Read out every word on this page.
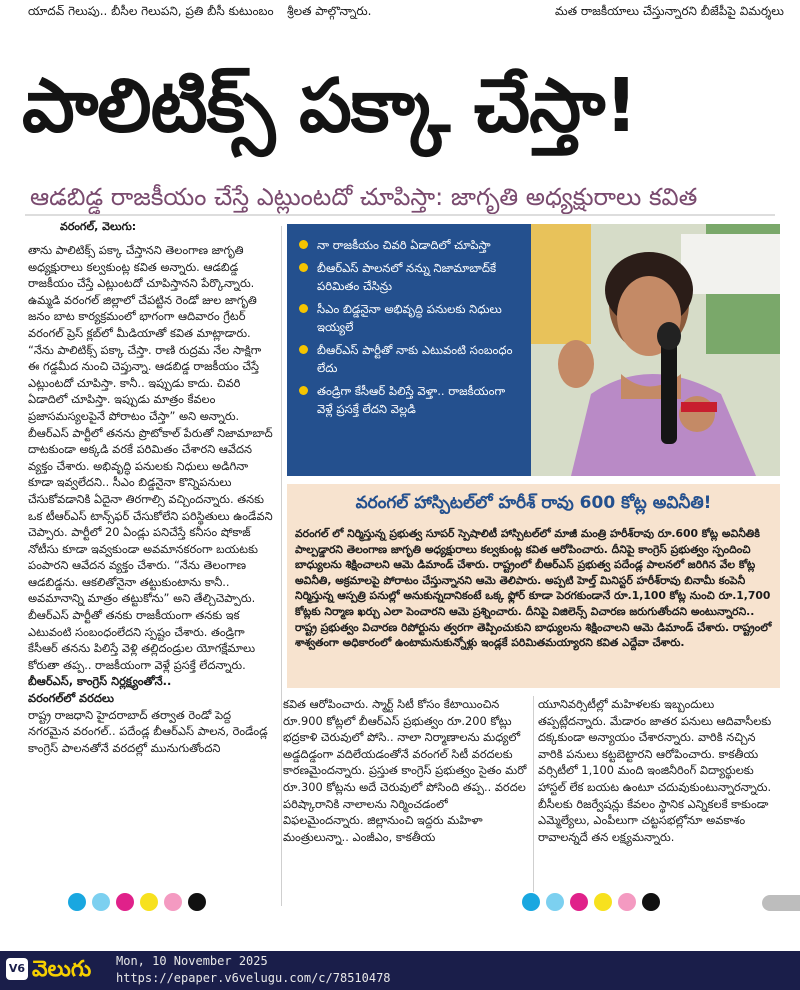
యాదవ్ గెలుపు.. బీసీల గెలుపని, ప్రతి బీసీ కుటుంబం శ్రీలత పాల్గొన్నారు.	మత రాజకీయాలు చేస్తున్నారని బీజేపీపై విమర్శలు
పాలిటిక్స్ పక్కా చేస్తా!
ఆడబిడ్డ రాజకీయం చేస్తే ఎట్లుంటదో చూపిస్తా: జాగృతి అధ్యక్షురాలు కవిత
వరంగల్, వెలుగు:

తాను పాలిటిక్స్ పక్కా చేస్తానని తెలంగాణ జాగృతి అధ్యక్షురాలు కల్వకుంట్ల కవిత అన్నారు. ఆడబిడ్డ రాజకీయం చేస్తే ఎట్లుంటదో చూపిస్తానని పేర్కొన్నారు. ఉమ్మడి వరంగల్ జిల్లాలో చేపట్టిన రెండో జుల జాగృతి జనం బాట కార్యక్రమంలో భాగంగా ఆదివారం గ్రేటర్ వరంగల్ ప్రెస్ క్లబ్‌లో మీడియాతో కవిత మాట్లాడారు. “నేను పాలిటిక్స్ పక్కా చేస్తా. రాణి రుద్రమ నేల సాక్షిగా ఈ గడ్డమీద నుంచి చెప్తున్నా. ఆడబిడ్డ రాజకీయం చేస్తే ఎట్లుంటదో చూపిస్తా. కానీ.. ఇప్పుడు కాదు. చివరి ఏడాదిలో చూపిస్తా. ఇప్పుడు మాత్రం కేవలం ప్రజాసమస్యలపైనే పోరాటం చేస్తా” అని అన్నారు. బీఆర్ఎస్ పార్టీలో తనను ప్రొటోకాల్ పేరుతో నిజామాబాద్ దాటకుండా అక్కడి వరకే పరిమితం చేశారని ఆవేదన వ్యక్తం చేశారు. అభివృద్ధి పనులకు నిధులు అడిగినా కూడా ఇవ్వలేదని.. సీఎం బిడ్డనైనా కొన్నిపనులు చేసుకోవడానికి ఏదైనా తిరగాల్సి వచ్చిందన్నారు. తనకు ఒక టీఆర్ఎస్ టాన్స్‌ఫర్ చేసుకోలేని పరిస్థితులు ఉండేవని చెప్పారు. పార్టీలో 20 ఏండ్లు పనిచేస్తే కనీసం షోకాజ్ నోటీసు కూడా ఇవ్వకుండా అవమానకరంగా బయటకు పంపారని ఆవేదన వ్యక్తం చేశారు. “నేను తెలంగాణ ఆడబిడ్డను. ఆకలితోనైనా తట్టుకుంటాను కానీ.. అవమానాన్ని మాత్రం తట్టుకోను” అని తేల్చిచెప్పారు. బీఆర్ఎస్ పార్టీతో తనకు రాజకీయంగా తనకు ఇక ఎటువంటి సంబంధంలేదని స్పష్టం చేశారు. తండ్రిగా కేసీఆర్ తనను పిలిస్తే వెళ్లి తల్లిదండ్రుల యోగక్షేమాలు కోరుతా తప్ప.. రాజకీయంగా వెళ్లే ప్రసక్తే లేదన్నారు.

బీఆర్ఎస్, కాంగ్రెస్ నిర్లక్ష్యంతోనే..

వరంగల్‌లో వరదలు

రాష్ట్ర రాజధాని హైదరాబాద్ తర్వాత రెండో పెద్ద నగరమైన వరంగల్.. పదేండ్ల బీఆర్ఎస్ పాలన, రెండేండ్ల కాంగ్రెస్ పాలనతోనే వరదల్లో మునుగుతోందని

నా రాజకీయం చివరి ఏడాదిలో చూపిస్తా
బీఆర్ఎస్ పాలనలో నన్ను నిజామాబాద్‌కే పరిమితం చేసిన్రు
సీఎం బిడ్డనైనా అభివృద్ధి పనులకు నిధులు ఇయ్యలే
బీఆర్ఎస్ పార్టీతో నాకు ఎటువంటి సంబంధం లేదు
తండ్రిగా కేసీఆర్ పిలిస్తే వెళ్తా.. రాజకీయంగా వెళ్లే ప్రసక్తే లేదని వెల్లడి
వరంగల్ హాస్పిటల్‌లో హరీశ్ రావు 600 కోట్ల అవినీతి!

వరంగల్ లో నిర్మిస్తున్న ప్రభుత్వ సూపర్ స్పెషాలిటీ హాస్పిటల్‌లో మాజీ మంత్రి హరీశ్‌రావు రూ.600 కోట్ల అవినీతికి పాల్పడ్డారని తెలంగాణ జాగృతి అధ్యక్షురాలు కల్వకుంట్ల కవిత ఆరోపించారు. దీనిపై కాంగ్రెస్ ప్రభుత్వం స్పందించి బాధ్యులను శిక్షించాలని ఆమె డిమాండ్ చేశారు. రాష్ట్రంలో బీఆర్ఎస్ ప్రభుత్వ పదేండ్ల పాలనలో జరిగిన వేల కోట్ల అవినీతి, అక్రమాలపై పోరాటం చేస్తున్నానని ఆమె తెలిపారు. అప్పటి హెల్త్ మినిస్టర్ హరీశ్‌రావు బినామీ కంపెనీ నిర్మిస్తున్న ఆస్పత్రి పనుల్లో అనుకున్నదానికంటే ఒక్క ఫ్లోర్ కూడా పెరగకుండానే రూ.1,100 కోట్ల నుంచి రూ.1,700 కోట్లకు నిర్మాణ ఖర్చు ఎలా పెంచారని ఆమె ప్రశ్నించారు. దీనిపై విజిలెన్స్ విచారణ జరుగుతోందని అంటున్నారని.. రాష్ట్ర ప్రభుత్వం విచారణ రిపోర్టును త్వరగా తెప్పించుకుని బాధ్యులను శిక్షించాలని ఆమె డిమాండ్ చేశారు. రాష్ట్రంలో శాశ్వతంగా అధికారంలో ఉంటామనుకున్నోళ్లు ఇండ్లకే పరిమితమయ్యారని కవిత ఎద్దేవా చేశారు.

కవిత ఆరోపించారు. స్మార్ట్ సిటీ కోసం కేటాయించిన రూ.900 కోట్లలో బీఆర్ఎస్ ప్రభుత్వం రూ.200 కోట్లు భద్రకాళి చెరువులో పోసి.. నాలా నిర్మాణాలను మధ్యలో అడ్డదిడ్డంగా వదిలేయడంతోనే వరంగల్ సిటీ వరదలకు కారణమైందన్నారు. ప్రస్తుత కాంగ్రెస్ ప్రభుత్వం సైతం మరో రూ.300 కోట్లను అదే చెరువులో పోసింది తప్ప.. వరదల పరిష్కారానికి నాలాలను నిర్మించడంలో విఫలమైందన్నారు. జిల్లానుంచి ఇద్దరు మహిళా మంత్రులున్నా.. ఎంజీఎం, కాకతీయ

యూనివర్సిటీల్లో మహిళలకు ఇబ్బందులు తప్పట్లేదన్నారు. మేడారం జాతర పనులు ఆదివాసీలకు దక్కకుండా అన్యాయం చేశారన్నారు. వారికి నచ్చిన వారికి పనులు కట్టబెట్టారని ఆరోపించారు. కాకతీయ వర్సిటీలో 1,100 మంది ఇంజినీరింగ్ విద్యార్థులకు హాస్టల్ లేక బయట ఉంటూ చదువుకుంటున్నారన్నారు. బీసీలకు రిజర్వేషన్లు కేవలం స్థానిక ఎన్నికలకే కాకుండా ఎమ్మెల్యేలు, ఎంపీలుగా చట్టసభల్లోనూ అవకాశం రావాలన్నదే తన లక్ష్యమన్నారు.

V6 వెలుగు Mon, 10 November 2025
https://epaper.v6velugu.com/c/78510478
